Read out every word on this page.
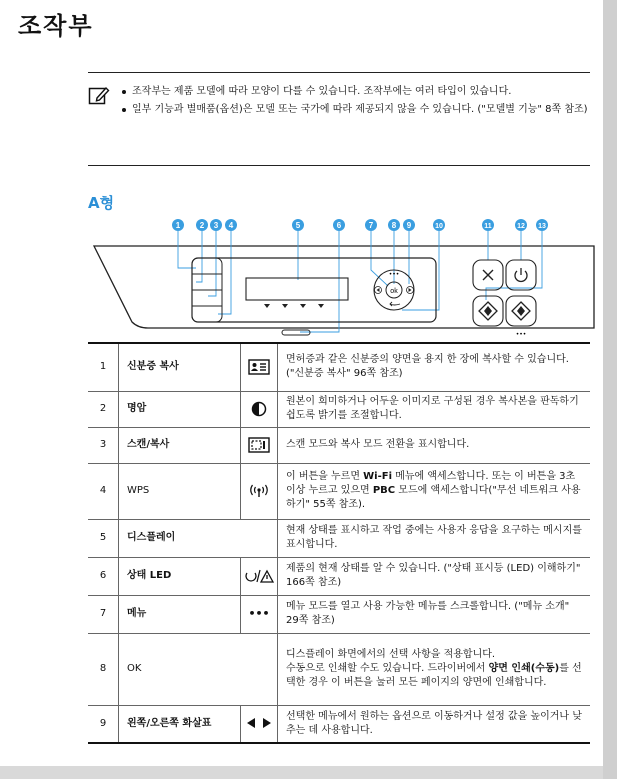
조작부
조작부는 제품 모델에 따라 모양이 다를 수 있습니다. 조작부에는 여러 타입이 있습니다.
일부 기능과 별매품(옵션)은 모델 또는 국가에 따라 제공되지 않을 수 있습니다. ("모델별 기능" 8쪽 참조)
A형
1 2 3 4	5	6	7 8 9	10	11	12 13
ok
•••
•••
1	신분증 복사		면허증과 같은 신분증의 양면을 용지 한 장에 복사할 수 있습니다. ("신분증 복사" 96쪽 참조)
2	명암		원본이 희미하거나 어두운 이미지로 구성된 경우 복사본을 판독하기 쉽도록 밝기를 조절합니다.
3	스캔/복사		스캔 모드와 복사 모드 전환을 표시합니다.
4	WPS		이 버튼을 누르면 Wi-Fi 메뉴에 액세스합니다. 또는 이 버튼을 3초 이상 누르고 있으면 PBC 모드에 액세스합니다("무선 네트워크 사용하기" 55쪽 참조).
5	디스플레이		현재 상태를 표시하고 작업 중에는 사용자 응답을 요구하는 메시지를 표시합니다.
6	상태 LED		제품의 현재 상태를 알 수 있습니다. ("상태 표시등 (LED) 이해하기" 166쪽 참조)
7	메뉴	•••	메뉴 모드를 열고 사용 가능한 메뉴를 스크롤합니다. ("메뉴 소개" 29쪽 참조)
8	OK		디스플레이 화면에서의 선택 사항을 적용합니다.
수동으로 인쇄할 수도 있습니다. 드라이버에서 양면 인쇄(수동)를 선택한 경우 이 버튼을 눌러 모든 페이지의 양면에 인쇄합니다.

9	왼쪽/오른쪽 화살표		선택한 메뉴에서 원하는 옵션으로 이동하거나 설정 값을 높이거나 낮추는 데 사용합니다.
